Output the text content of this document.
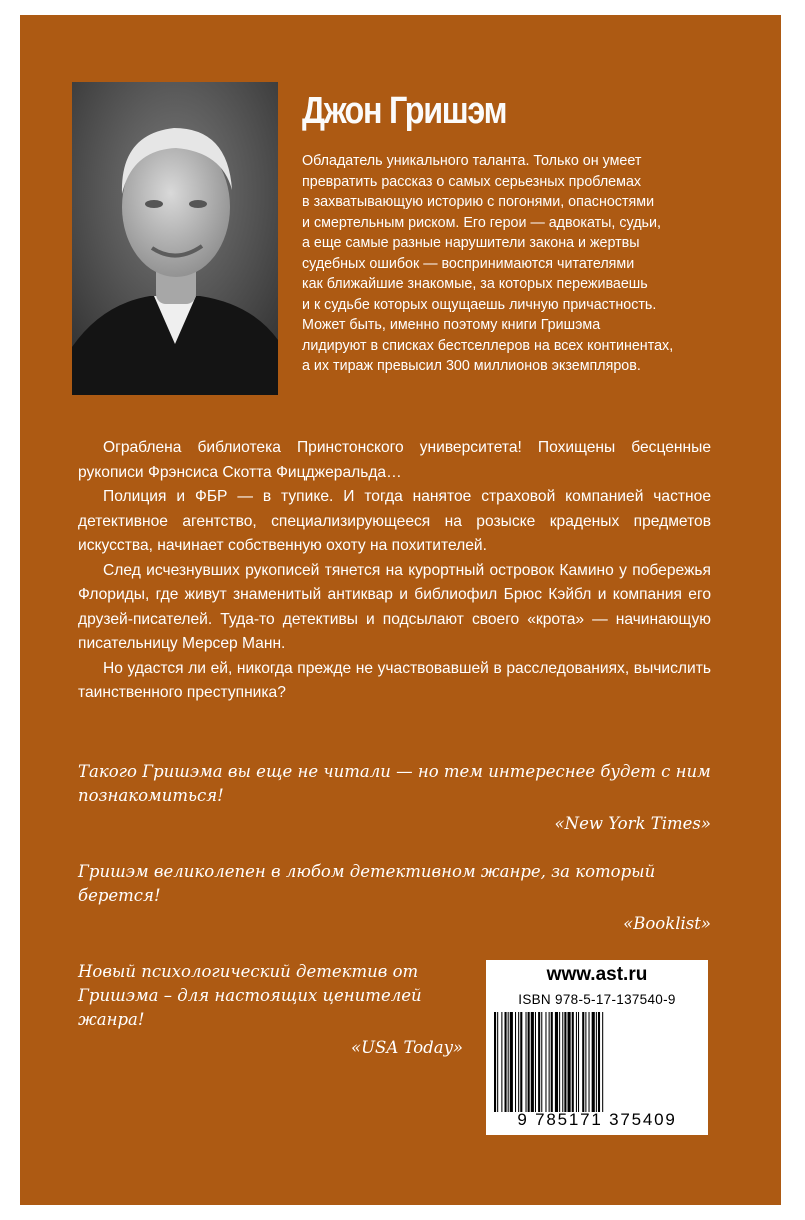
Джон Гришэм
Обладатель уникального таланта. Только он умеет
превратить рассказ о самых серьезных проблемах
в захватывающую историю с погонями, опасностями
и смертельным риском. Его герои — адвокаты, судьи,
а еще самые разные нарушители закона и жертвы
судебных ошибок — воспринимаются читателями
как ближайшие знакомые, за которых переживаешь
и к судьбе которых ощущаешь личную причастность.
Может быть, именно поэтому книги Гришэма
лидируют в списках бестселлеров на всех континентах,
а их тираж превысил 300 миллионов экземпляров.

Ограблена библиотека Принстонского университета! Похищены бесценные рукописи Фрэнсиса Скотта Фицджеральда…

Полиция и ФБР — в тупике. И тогда нанятое страховой компанией частное детективное агентство, специализирующееся на розыске краденых предметов искусства, начинает собственную охоту на похитителей.

След исчезнувших рукописей тянется на курортный островок Камино у побережья Флориды, где живут знаменитый антиквар и библиофил Брюс Кэйбл и компания его друзей-писателей. Туда-то детективы и подсылают своего «крота» — начинающую писательницу Мерсер Манн.

Но удастся ли ей, никогда прежде не участвовавшей в расследованиях, вычислить таинственного преступника?

Такого Гришэма вы еще не читали — но тем интереснее будет с ним познакомиться!

«New York Times»

Гришэм великолепен в любом детективном жанре, за который берется!

«Booklist»

Новый психологический детектив от Гришэма – для настоящих ценителей жанра!

«USA Today»

www.ast.ru
ISBN 978-5-17-137540-9
9 785171 375409
